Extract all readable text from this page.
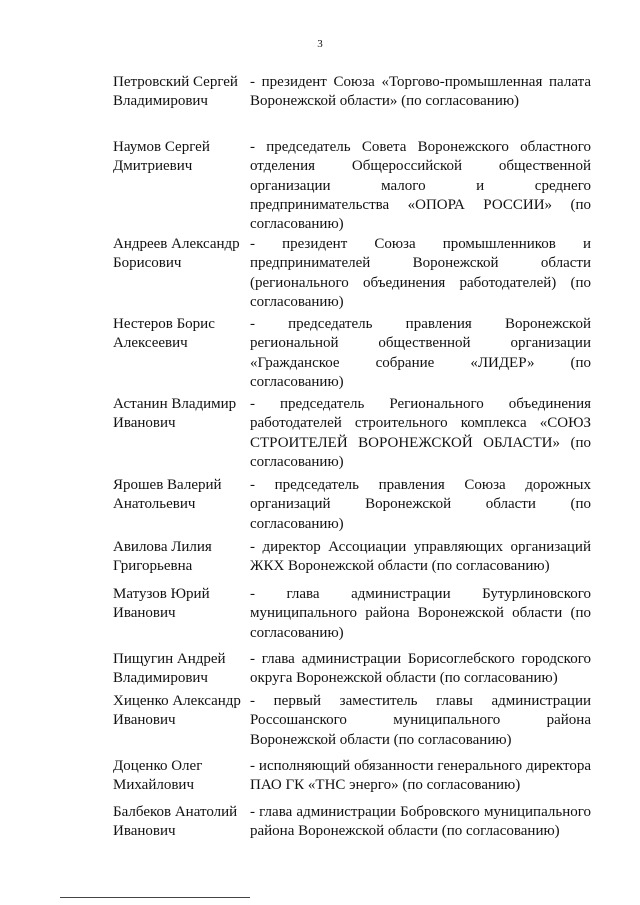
3
Петровский Сергей
Владимирович
- президент Союза «Торгово-промышленная палата Воронежской области» (по согласованию)
Наумов Сергей
Дмитриевич
- председатель Совета Воронежского областного отделения Общероссийской общественной организации малого и среднего предпринимательства «ОПОРА РОССИИ» (по согласованию)
Андреев Александр
Борисович
- президент Союза промышленников и предпринимателей Воронежской области (регионального объединения работодателей) (по согласованию)
Нестеров Борис
Алексеевич
- председатель правления Воронежской региональной общественной организации «Гражданское собрание «ЛИДЕР» (по согласованию)
Астанин Владимир
Иванович
- председатель Регионального объединения работодателей строительного комплекса «СОЮЗ СТРОИТЕЛЕЙ ВОРОНЕЖСКОЙ ОБЛАСТИ» (по согласованию)
Ярошев Валерий
Анатольевич
- председатель правления Союза дорожных организаций Воронежской области (по согласованию)
Авилова Лилия
Григорьевна
- директор Ассоциации управляющих организаций ЖКХ Воронежской области (по согласованию)
Матузов Юрий
Иванович
- глава администрации Бутурлиновского муниципального района Воронежской области (по согласованию)
Пищугин Андрей
Владимирович
- глава администрации Борисоглебского городского округа Воронежской области (по согласованию)
Хиценко Александр
Иванович
- первый заместитель главы администрации Россошанского муниципального района Воронежской области (по согласованию)
Доценко Олег
Михайлович
- исполняющий обязанности генерального директора ПАО ГК «ТНС энерго» (по согласованию)
Балбеков Анатолий
Иванович
- глава администрации Бобровского муниципального района Воронежской области (по согласованию)
